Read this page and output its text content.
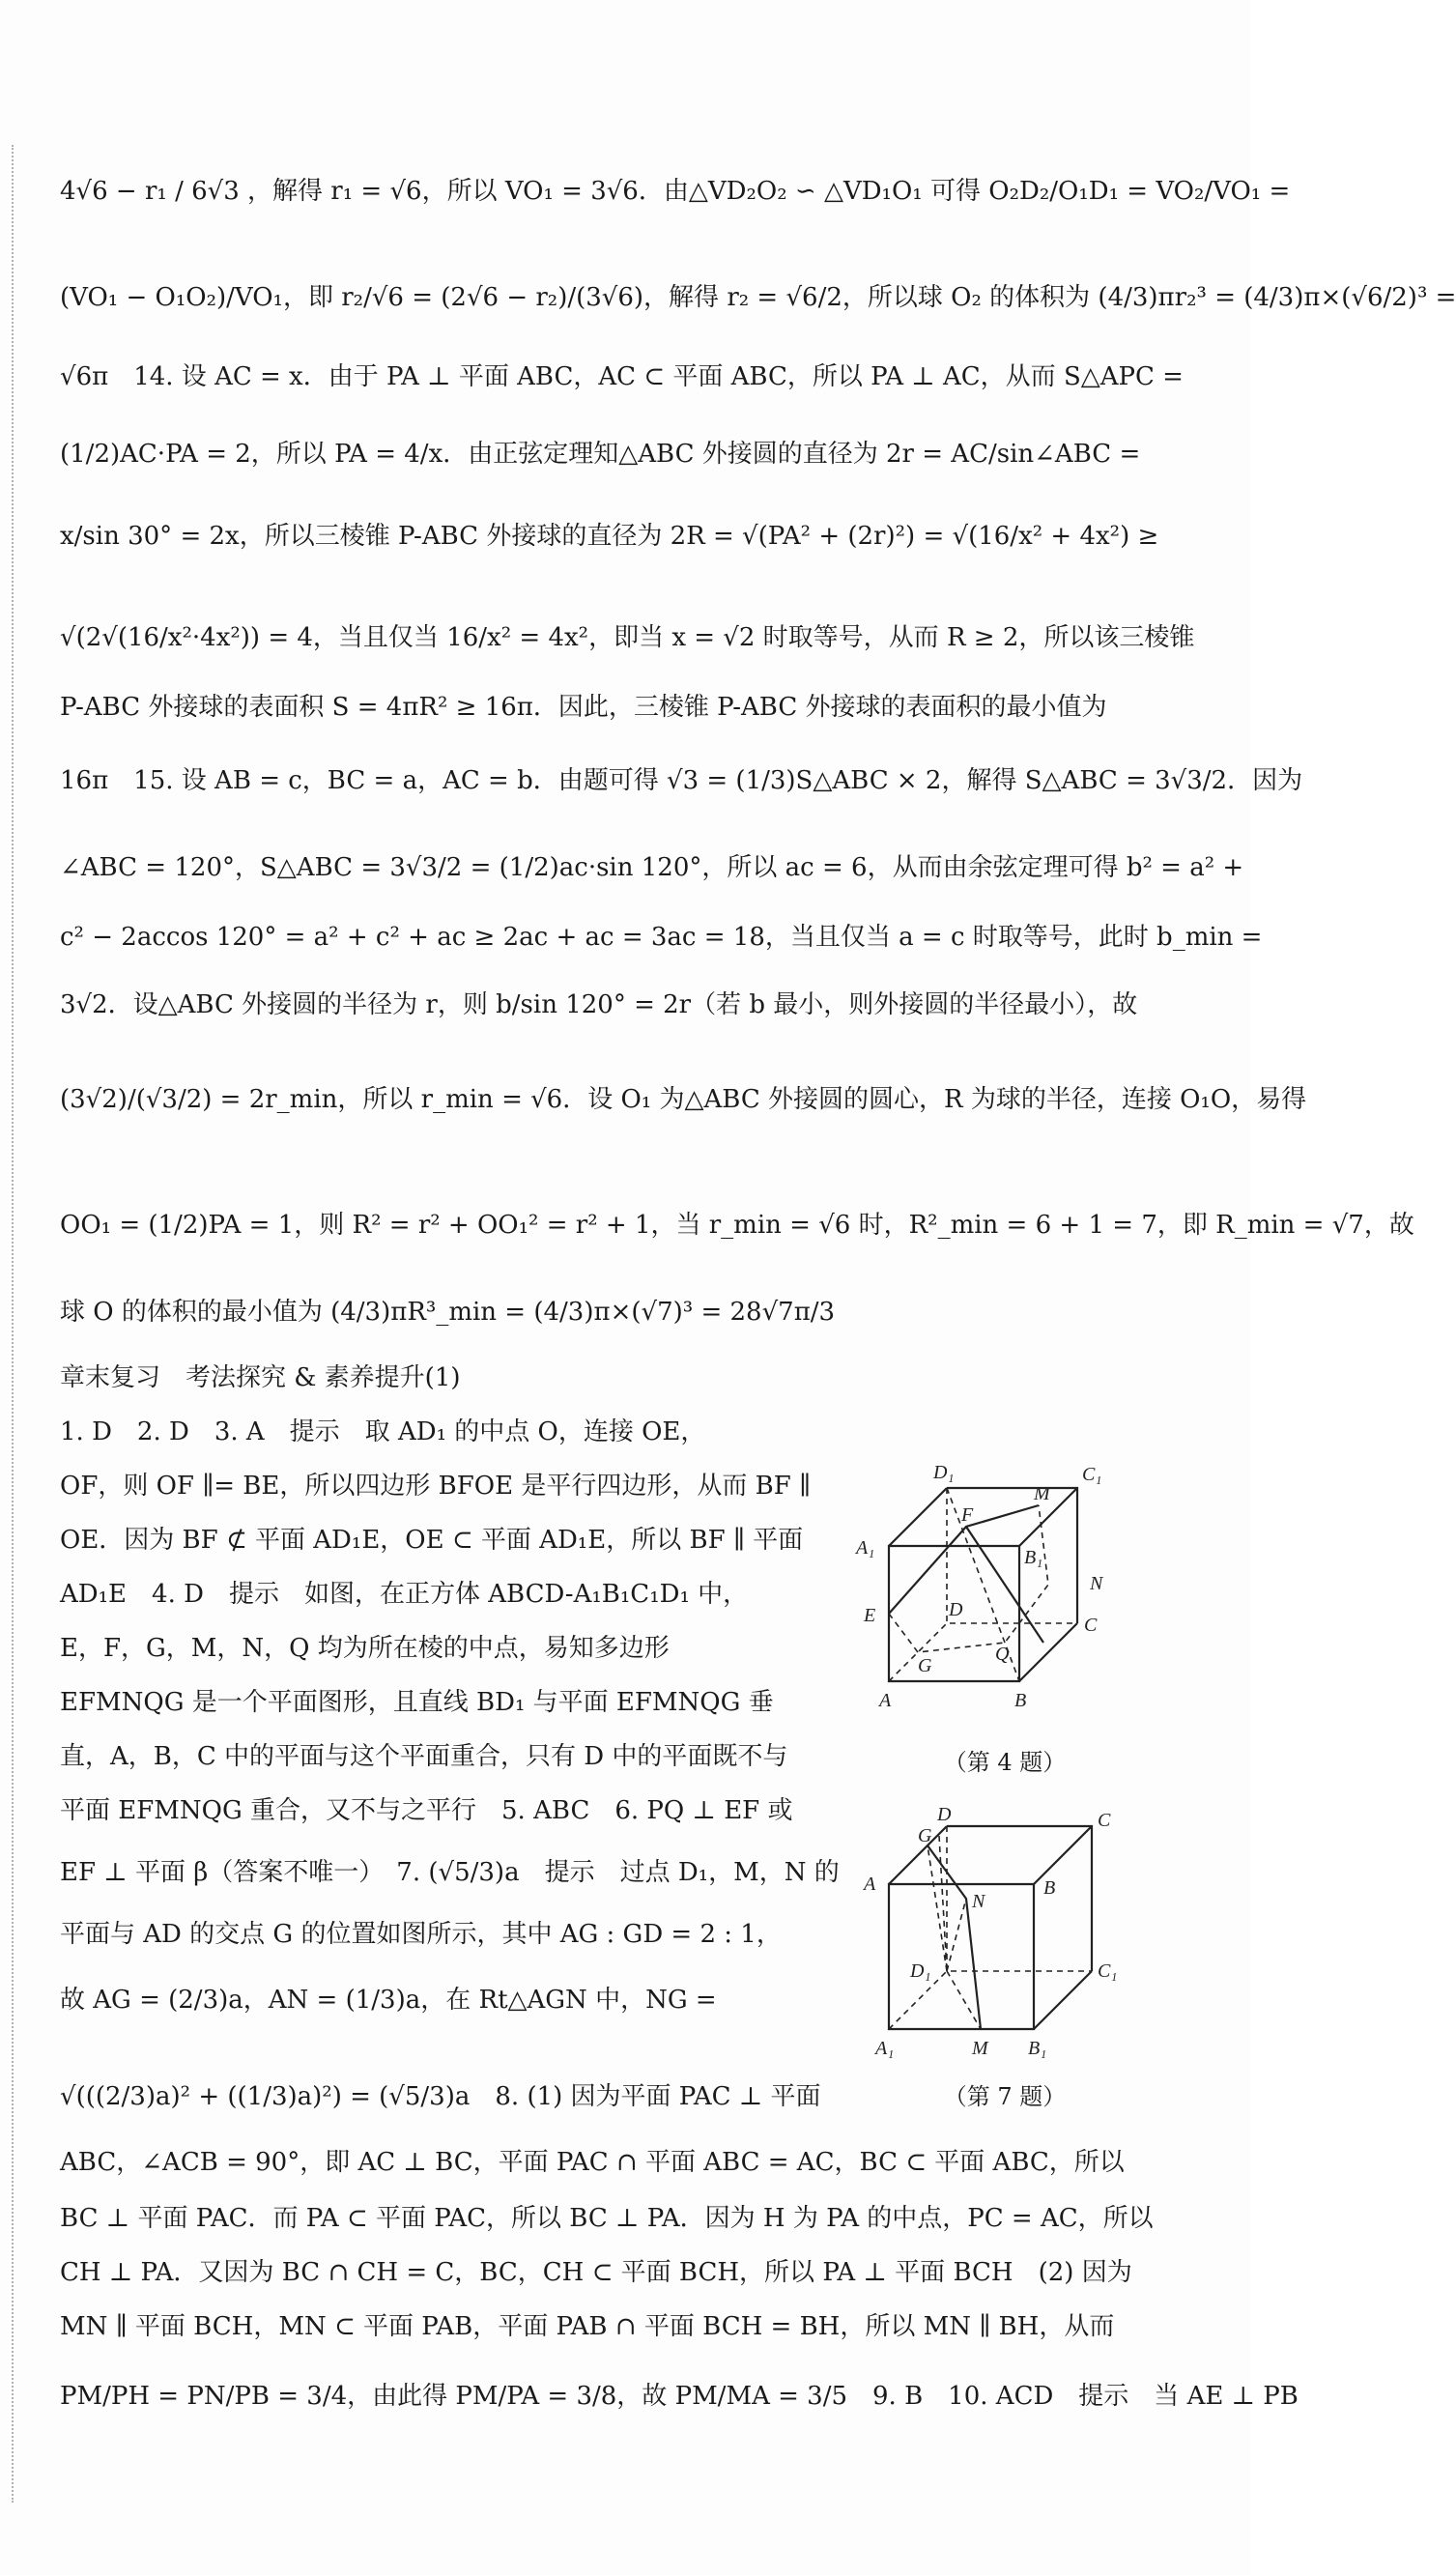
4√6 − r₁ / 6√3 ，解得 r₁ = √6，所以 VO₁ = 3√6．由△VD₂O₂ ∽ △VD₁O₁ 可得 O₂D₂/O₁D₁ = VO₂/VO₁ =
(VO₁ − O₁O₂)/VO₁，即 r₂/√6 = (2√6 − r₂)/(3√6)，解得 r₂ = √6/2，所以球 O₂ 的体积为 (4/3)πr₂³ = (4/3)π×(√6/2)³ =
√6π　14. 设 AC = x．由于 PA ⊥ 平面 ABC，AC ⊂ 平面 ABC，所以 PA ⊥ AC，从而 S△APC =
(1/2)AC·PA = 2，所以 PA = 4/x．由正弦定理知△ABC 外接圆的直径为 2r = AC/sin∠ABC =
x/sin 30° = 2x，所以三棱锥 P-ABC 外接球的直径为 2R = √(PA² + (2r)²) = √(16/x² + 4x²) ≥
√(2√(16/x²·4x²)) = 4，当且仅当 16/x² = 4x²，即当 x = √2 时取等号，从而 R ≥ 2，所以该三棱锥
P-ABC 外接球的表面积 S = 4πR² ≥ 16π．因此，三棱锥 P-ABC 外接球的表面积的最小值为
16π　15. 设 AB = c，BC = a，AC = b．由题可得 √3 = (1/3)S△ABC × 2，解得 S△ABC = 3√3/2．因为
∠ABC = 120°，S△ABC = 3√3/2 = (1/2)ac·sin 120°，所以 ac = 6，从而由余弦定理可得 b² = a² +
c² − 2accos 120° = a² + c² + ac ≥ 2ac + ac = 3ac = 18，当且仅当 a = c 时取等号，此时 b_min =
3√2．设△ABC 外接圆的半径为 r，则 b/sin 120° = 2r（若 b 最小，则外接圆的半径最小），故
(3√2)/(√3/2) = 2r_min，所以 r_min = √6．设 O₁ 为△ABC 外接圆的圆心，R 为球的半径，连接 O₁O，易得
OO₁ = (1/2)PA = 1，则 R² = r² + OO₁² = r² + 1，当 r_min = √6 时，R²_min = 6 + 1 = 7，即 R_min = √7，故
球 O 的体积的最小值为 (4/3)πR³_min = (4/3)π×(√7)³ = 28√7π/3
章末复习　考法探究 & 素养提升(1)
1. D　2. D　3. A　提示　取 AD₁ 的中点 O，连接 OE，
OF，则 OF ∥= BE，所以四边形 BFOE 是平行四边形，从而 BF ∥
OE．因为 BF ⊄ 平面 AD₁E，OE ⊂ 平面 AD₁E，所以 BF ∥ 平面
AD₁E　4. D　提示　如图，在正方体 ABCD-A₁B₁C₁D₁ 中，
E，F，G，M，N，Q 均为所在棱的中点，易知多边形
EFMNQG 是一个平面图形，且直线 BD₁ 与平面 EFMNQG 垂
直，A，B，C 中的平面与这个平面重合，只有 D 中的平面既不与
平面 EFMNQG 重合，又不与之平行　5. ABC　6. PQ ⊥ EF 或
EF ⊥ 平面 β（答案不唯一）　7. (√5/3)a　提示　过点 D₁，M，N 的
平面与 AD 的交点 G 的位置如图所示，其中 AG : GD = 2 : 1，
故 AG = (2/3)a，AN = (1/3)a，在 Rt△AGN 中，NG =
√(((2/3)a)² + ((1/3)a)²) = (√5/3)a　8. (1) 因为平面 PAC ⊥ 平面
ABC，∠ACB = 90°，即 AC ⊥ BC，平面 PAC ∩ 平面 ABC = AC，BC ⊂ 平面 ABC，所以
BC ⊥ 平面 PAC．而 PA ⊂ 平面 PAC，所以 BC ⊥ PA．因为 H 为 PA 的中点，PC = AC，所以
CH ⊥ PA．又因为 BC ∩ CH = C，BC，CH ⊂ 平面 BCH，所以 PA ⊥ 平面 BCH　(2) 因为
MN ∥ 平面 BCH，MN ⊂ 平面 PAB，平面 PAB ∩ 平面 BCH = BH，所以 MN ∥ BH，从而
PM/PH = PN/PB = 3/4，由此得 PM/PA = 3/8，故 PM/MA = 3/5　9. B　10. ACD　提示　当 AE ⊥ PB
D₁	C₁
M
A₁
F
B₁
N
E	D
C
Q
G
A	B
（第 4 题）
D
G
C
A
N
B
D₁	C₁
A₁	M B₁
（第 7 题）
